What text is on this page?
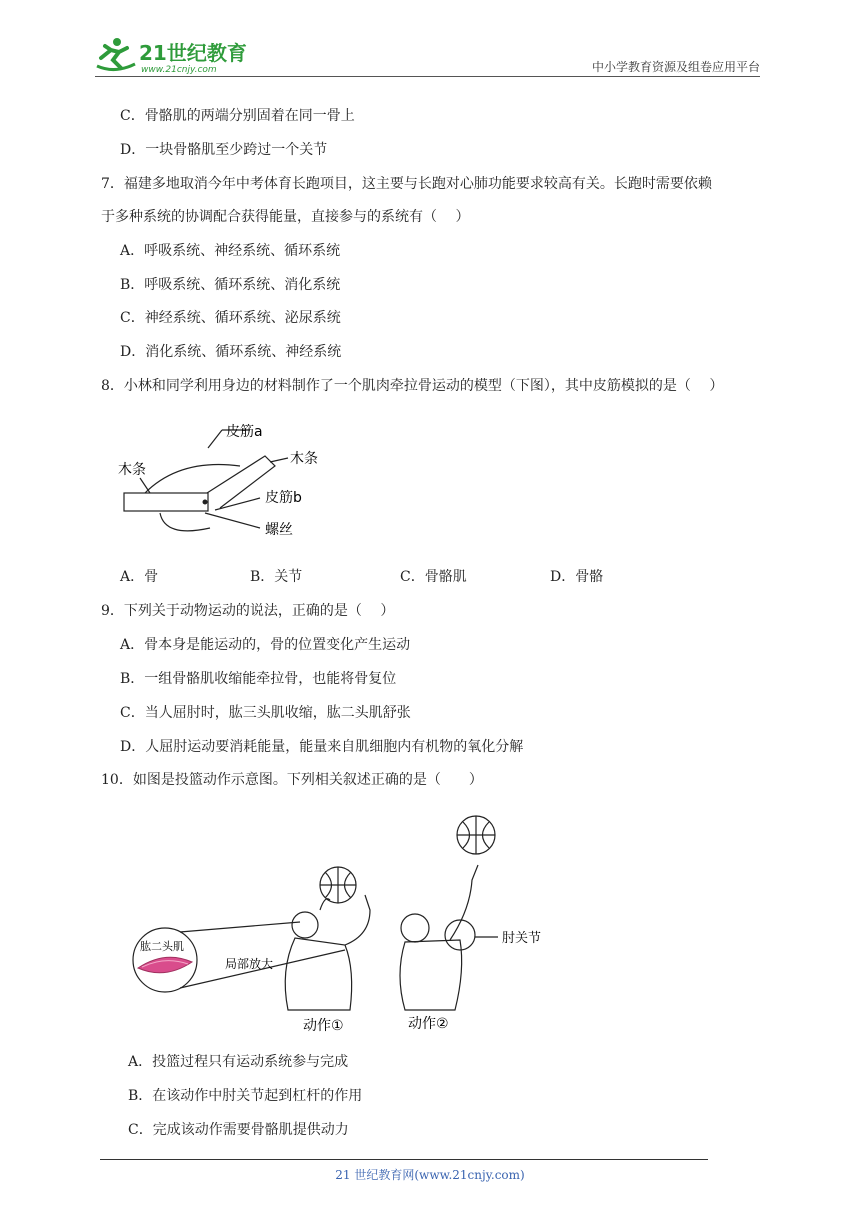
21世纪教育
www.21cnjy.com	中小学教育资源及组卷应用平台
C．骨骼肌的两端分别固着在同一骨上
D．一块骨骼肌至少跨过一个关节
7．福建多地取消今年中考体育长跑项目，这主要与长跑对心肺功能要求较高有关。长跑时需要依赖
于多种系统的协调配合获得能量，直接参与的系统有（　 ）
A．呼吸系统、神经系统、循环系统
B．呼吸系统、循环系统、消化系统
C．神经系统、循环系统、泌尿系统
D．消化系统、循环系统、神经系统
8．小林和同学利用身边的材料制作了一个肌肉牵拉骨运动的模型（下图），其中皮筋模拟的是（　 ）
皮筋a
木条
木条
皮筋b
螺丝
A．骨	B．关节	C．骨骼肌	D．骨骼
9．下列关于动物运动的说法，正确的是（　 ）
A．骨本身是能运动的，骨的位置变化产生运动
B．一组骨骼肌收缩能牵拉骨，也能将骨复位
C．当人屈肘时，肱三头肌收缩，肱二头肌舒张
D．人屈肘运动要消耗能量，能量来自肌细胞内有机物的氧化分解
10．如图是投篮动作示意图。下列相关叙述正确的是（　　）
肱二头肌
局部放大
肘关节
动作①	动作②
A．投篮过程只有运动系统参与完成
B．在该动作中肘关节起到杠杆的作用
C．完成该动作需要骨骼肌提供动力
21 世纪教育网(www.21cnjy.com)
